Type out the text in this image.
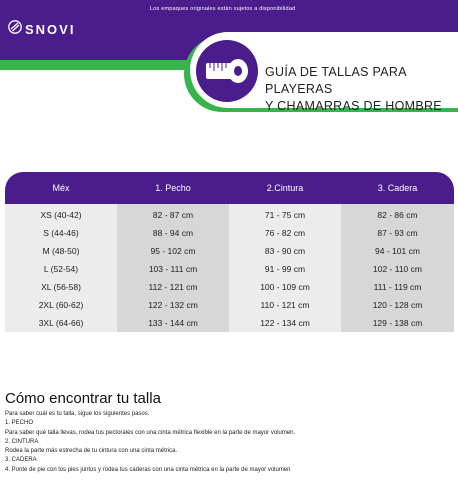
Los empaques originales están sujetos a disponibilidad
SNOVI
GUÍA DE TALLAS PARA PLAYERAS
Y CHAMARRAS DE HOMBRE
Méx	1. Pecho	2.Cintura	3. Cadera
XS (40-42)	82 - 87 cm	71 - 75 cm	82 - 86 cm
S (44-46)	88 - 94 cm	76 - 82 cm	87 - 93 cm
M (48-50)	95 - 102 cm	83 - 90 cm	94 - 101 cm
L (52-54)	103 - 111 cm	91 - 99 cm	102 - 110 cm
XL (56-58)	112 - 121 cm	100 - 109 cm	111 - 119 cm
2XL (60-62)	122 - 132 cm	110 - 121 cm	120 - 128 cm
3XL (64-66)	133 - 144 cm	122 - 134 cm	129 - 138 cm
Cómo encontrar tu talla
Para saber cuál es tu talla, sigue los siguientes pasos:
1. PECHO
Para saber qué talla llevas, rodea tus pectorales con una cinta métrica flexible en la parte de mayor volumen.
2. CINTURA
Rodea la parte más estrecha de tu cintura con una cinta métrica.
3. CADERA
4. Ponte de pie con los pies juntos y rodea tus caderas con una cinta métrica en la parte de mayor volumen
